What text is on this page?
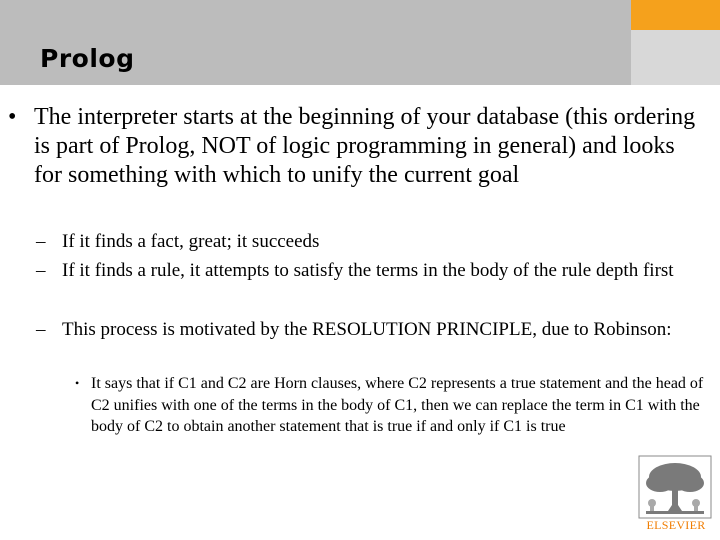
Prolog
• The interpreter starts at the beginning of your database (this ordering is part of Prolog, NOT of logic programming in general) and looks for something with which to unify the current goal
– If it finds a fact, great; it succeeds
– If it finds a rule, it attempts to satisfy the terms in the body of the rule depth first
– This process is motivated by the RESOLUTION PRINCIPLE, due to Robinson:
• It says that if C1 and C2 are Horn clauses, where C2 represents a true statement and the head of C2 unifies with one of the terms in the body of C1, then we can replace the term in C1 with the body of C2 to obtain another statement that is true if and only if C1 is true
ELSEVIER
